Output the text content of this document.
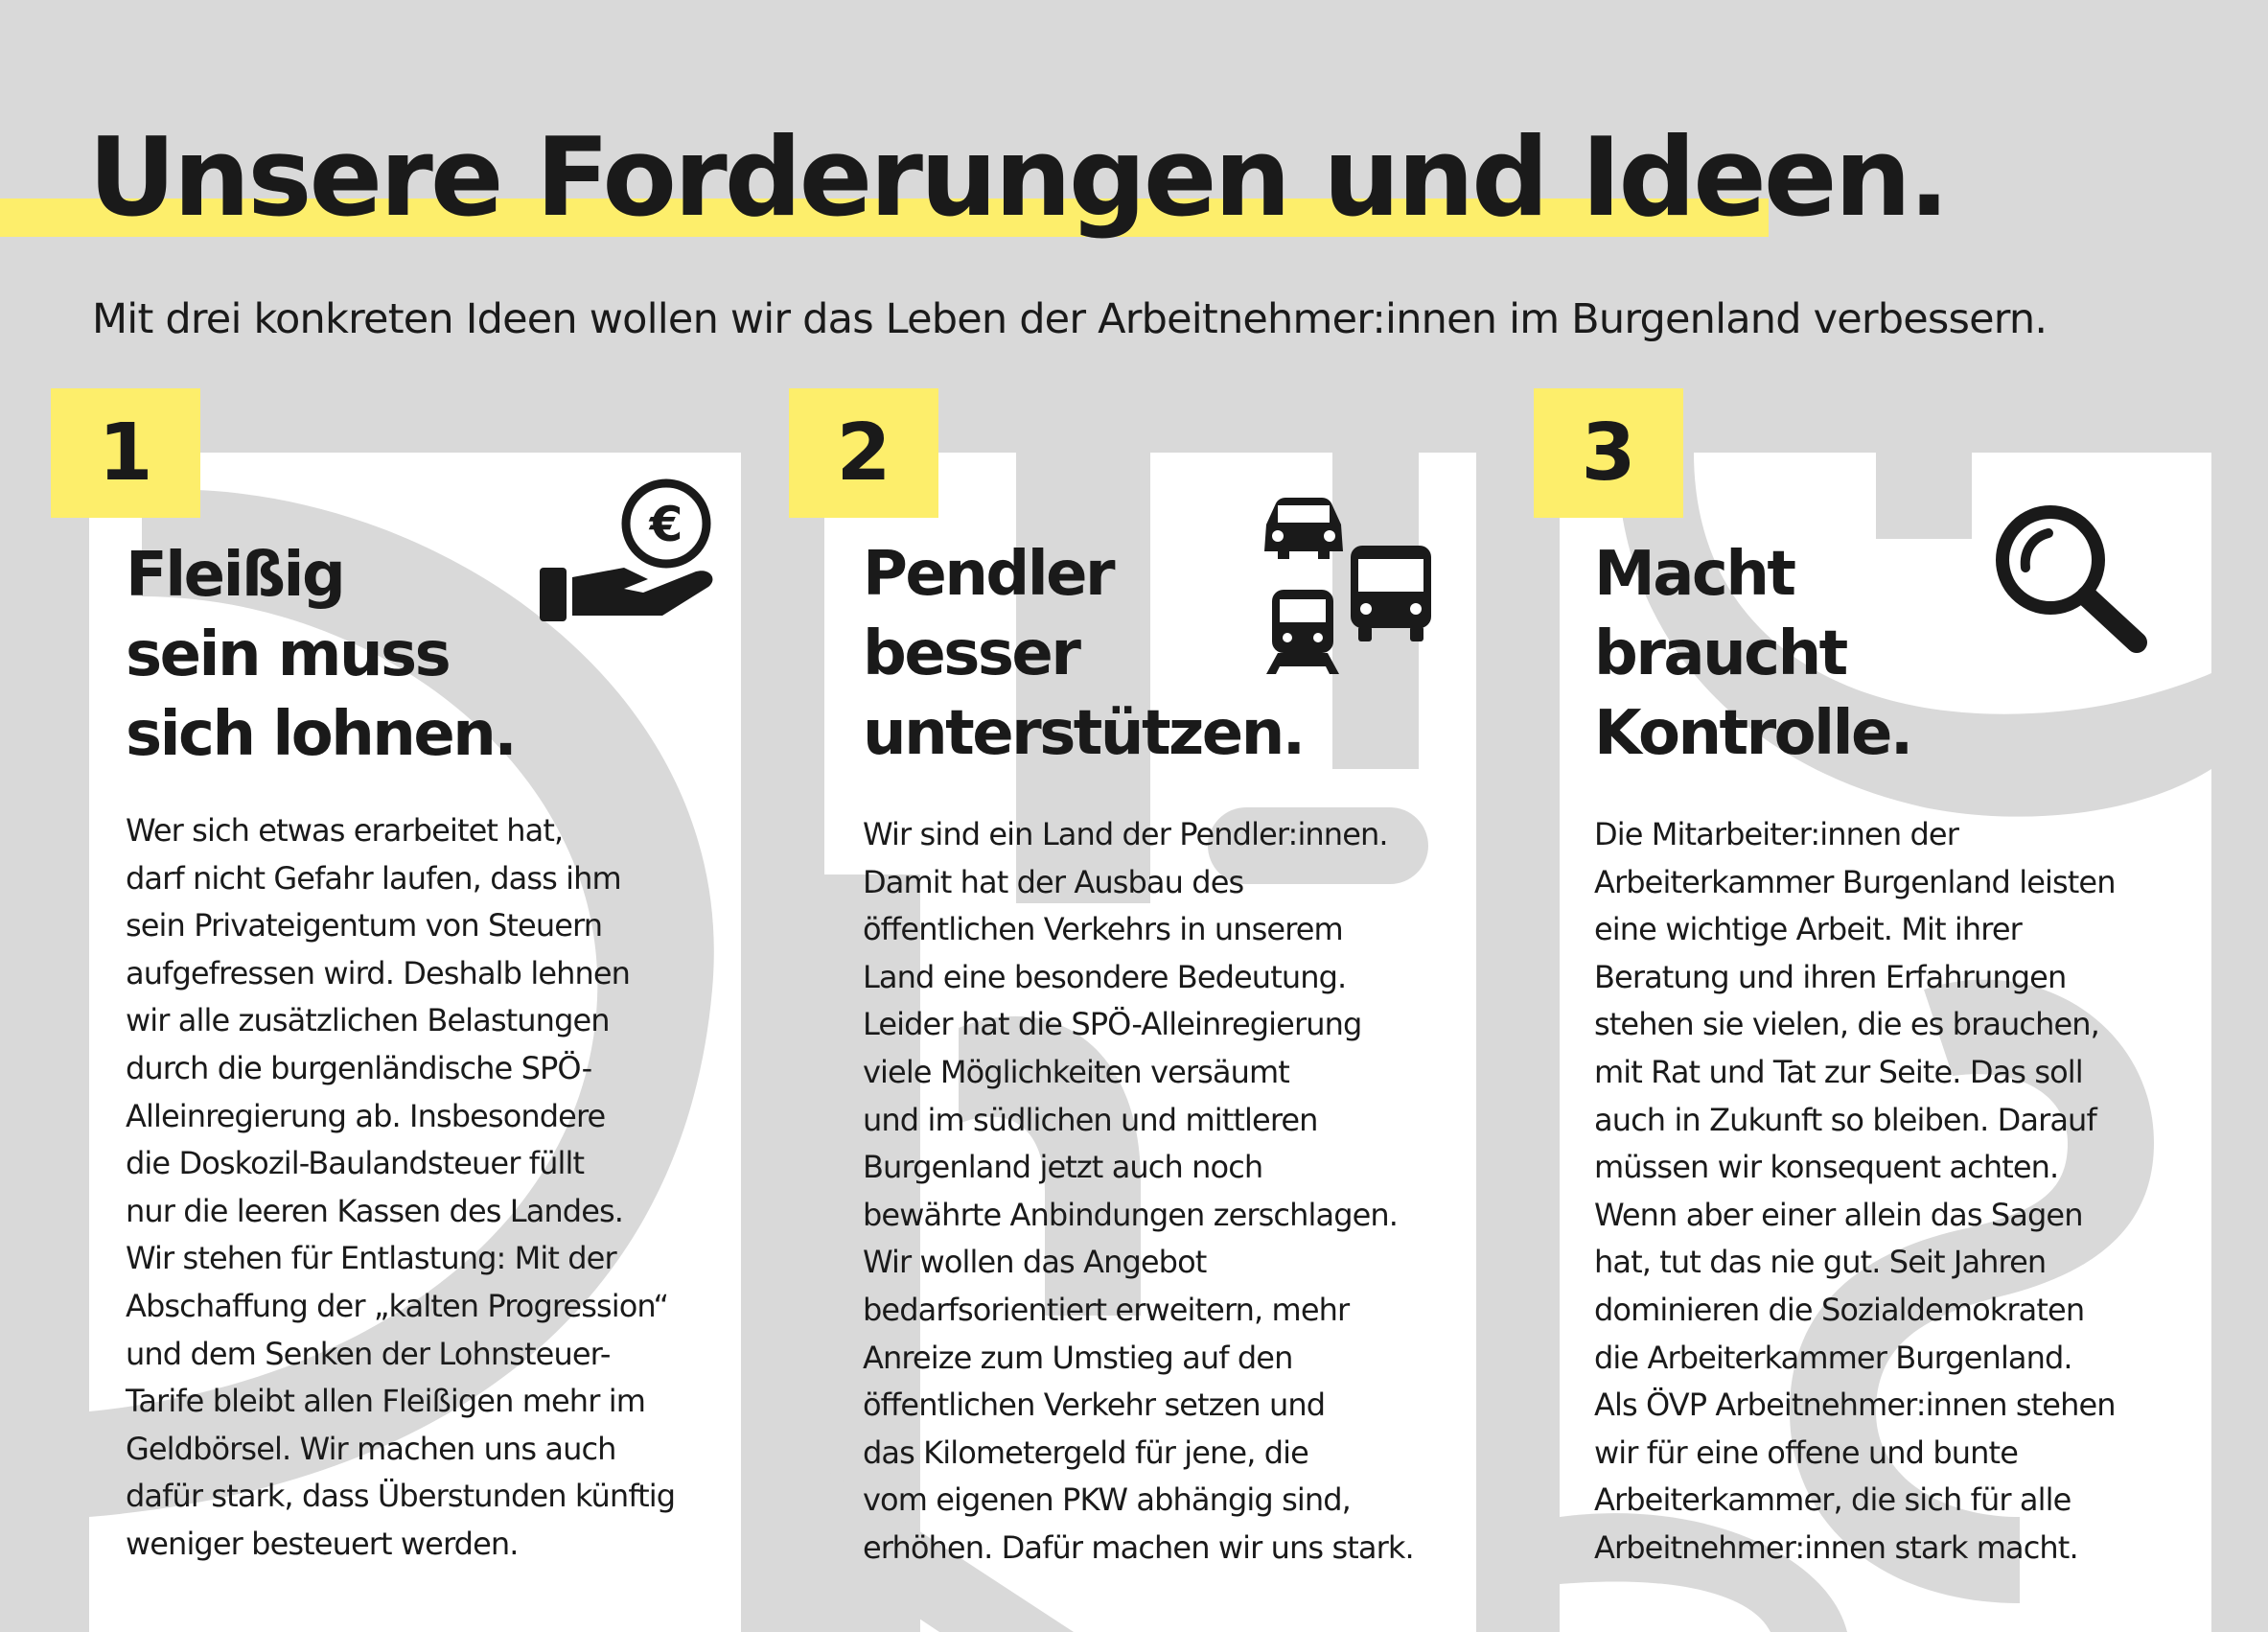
Unsere Forderungen und Ideen.

Mit drei konkreten Ideen wollen wir das Leben der Arbeitnehmer:innen im Burgenland verbessern.

Fleißig
sein muss
sich lohnen.
€

Wer sich etwas erarbeitet hat,
darf nicht Gefahr laufen, dass ihm
sein Privateigentum von Steuern
aufgefressen wird. Deshalb lehnen
wir alle zusätzlichen Belastungen
durch die burgenländische SPÖ-
Alleinregierung ab. Insbesondere
die Doskozil-Baulandsteuer füllt
nur die leeren Kassen des Landes.
Wir stehen für Entlastung: Mit der
Abschaffung der „kalten Progression“
und dem Senken der Lohnsteuer-
Tarife bleibt allen Fleißigen mehr im
Geldbörsel. Wir machen uns auch
dafür stark, dass Überstunden künftig
weniger besteuert werden.

1
Pendler
besser
unterstützen.

Wir sind ein Land der Pendler:innen.
Damit hat der Ausbau des
öffentlichen Verkehrs in unserem
Land eine besondere Bedeutung.
Leider hat die SPÖ-Alleinregierung
viele Möglichkeiten versäumt
und im südlichen und mittleren
Burgenland jetzt auch noch
bewährte Anbindungen zerschlagen.
Wir wollen das Angebot
bedarfsorientiert erweitern, mehr
Anreize zum Umstieg auf den
öffentlichen Verkehr setzen und
das Kilometergeld für jene, die
vom eigenen PKW abhängig sind,
erhöhen. Dafür machen wir uns stark.

2
Macht
braucht
Kontrolle.

Die Mitarbeiter:innen der
Arbeiterkammer Burgenland leisten
eine wichtige Arbeit. Mit ihrer
Beratung und ihren Erfahrungen
stehen sie vielen, die es brauchen,
mit Rat und Tat zur Seite. Das soll
auch in Zukunft so bleiben. Darauf
müssen wir konsequent achten.
Wenn aber einer allein das Sagen
hat, tut das nie gut. Seit Jahren
dominieren die Sozialdemokraten
die Arbeiterkammer Burgenland.
Als ÖVP Arbeitnehmer:innen stehen
wir für eine offene und bunte
Arbeiterkammer, die sich für alle
Arbeitnehmer:innen stark macht.

3
